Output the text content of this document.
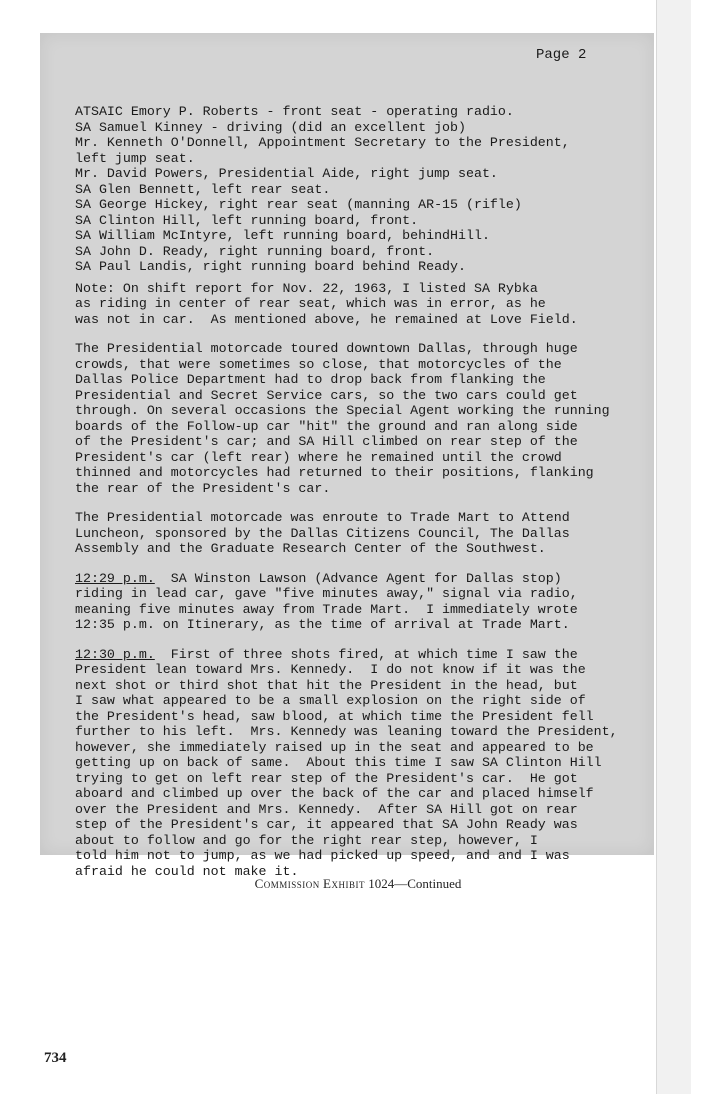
Page 2
ATSAIC Emory P. Roberts - front seat - operating radio.
SA Samuel Kinney - driving (did an excellent job)
Mr. Kenneth O'Donnell, Appointment Secretary to the President,
left jump seat.
Mr. David Powers, Presidential Aide, right jump seat.
SA Glen Bennett, left rear seat.
SA George Hickey, right rear seat (manning AR-15 (rifle)
SA Clinton Hill, left running board, front.
SA William McIntyre, left running board, behindHill.
SA John D. Ready, right running board, front.
SA Paul Landis, right running board behind Ready.
Note: On shift report for Nov. 22, 1963, I listed SA Rybka
as riding in center of rear seat, which was in error, as he
was not in car.  As mentioned above, he remained at Love Field.
The Presidential motorcade toured downtown Dallas, through huge
crowds, that were sometimes so close, that motorcycles of the
Dallas Police Department had to drop back from flanking the
Presidential and Secret Service cars, so the two cars could get
through. On several occasions the Special Agent working the running
boards of the Follow-up car "hit" the ground and ran along side
of the President's car; and SA Hill climbed on rear step of the
President's car (left rear) where he remained until the crowd
thinned and motorcycles had returned to their positions, flanking
the rear of the President's car.
The Presidential motorcade was enroute to Trade Mart to Attend
Luncheon, sponsored by the Dallas Citizens Council, The Dallas
Assembly and the Graduate Research Center of the Southwest.
12:29 p.m.  SA Winston Lawson (Advance Agent for Dallas stop)
riding in lead car, gave "five minutes away," signal via radio,
meaning five minutes away from Trade Mart.  I immediately wrote
12:35 p.m. on Itinerary, as the time of arrival at Trade Mart.
12:30 p.m.  First of three shots fired, at which time I saw the
President lean toward Mrs. Kennedy.  I do not know if it was the
next shot or third shot that hit the President in the head, but
I saw what appeared to be a small explosion on the right side of
the President's head, saw blood, at which time the President fell
further to his left.  Mrs. Kennedy was leaning toward the President,
however, she immediately raised up in the seat and appeared to be
getting up on back of same.  About this time I saw SA Clinton Hill
trying to get on left rear step of the President's car.  He got
aboard and climbed up over the back of the car and placed himself
over the President and Mrs. Kennedy.  After SA Hill got on rear
step of the President's car, it appeared that SA John Ready was
about to follow and go for the right rear step, however, I
told him not to jump, as we had picked up speed, and and I was
afraid he could not make it.
Commission Exhibit 1024—Continued
734
